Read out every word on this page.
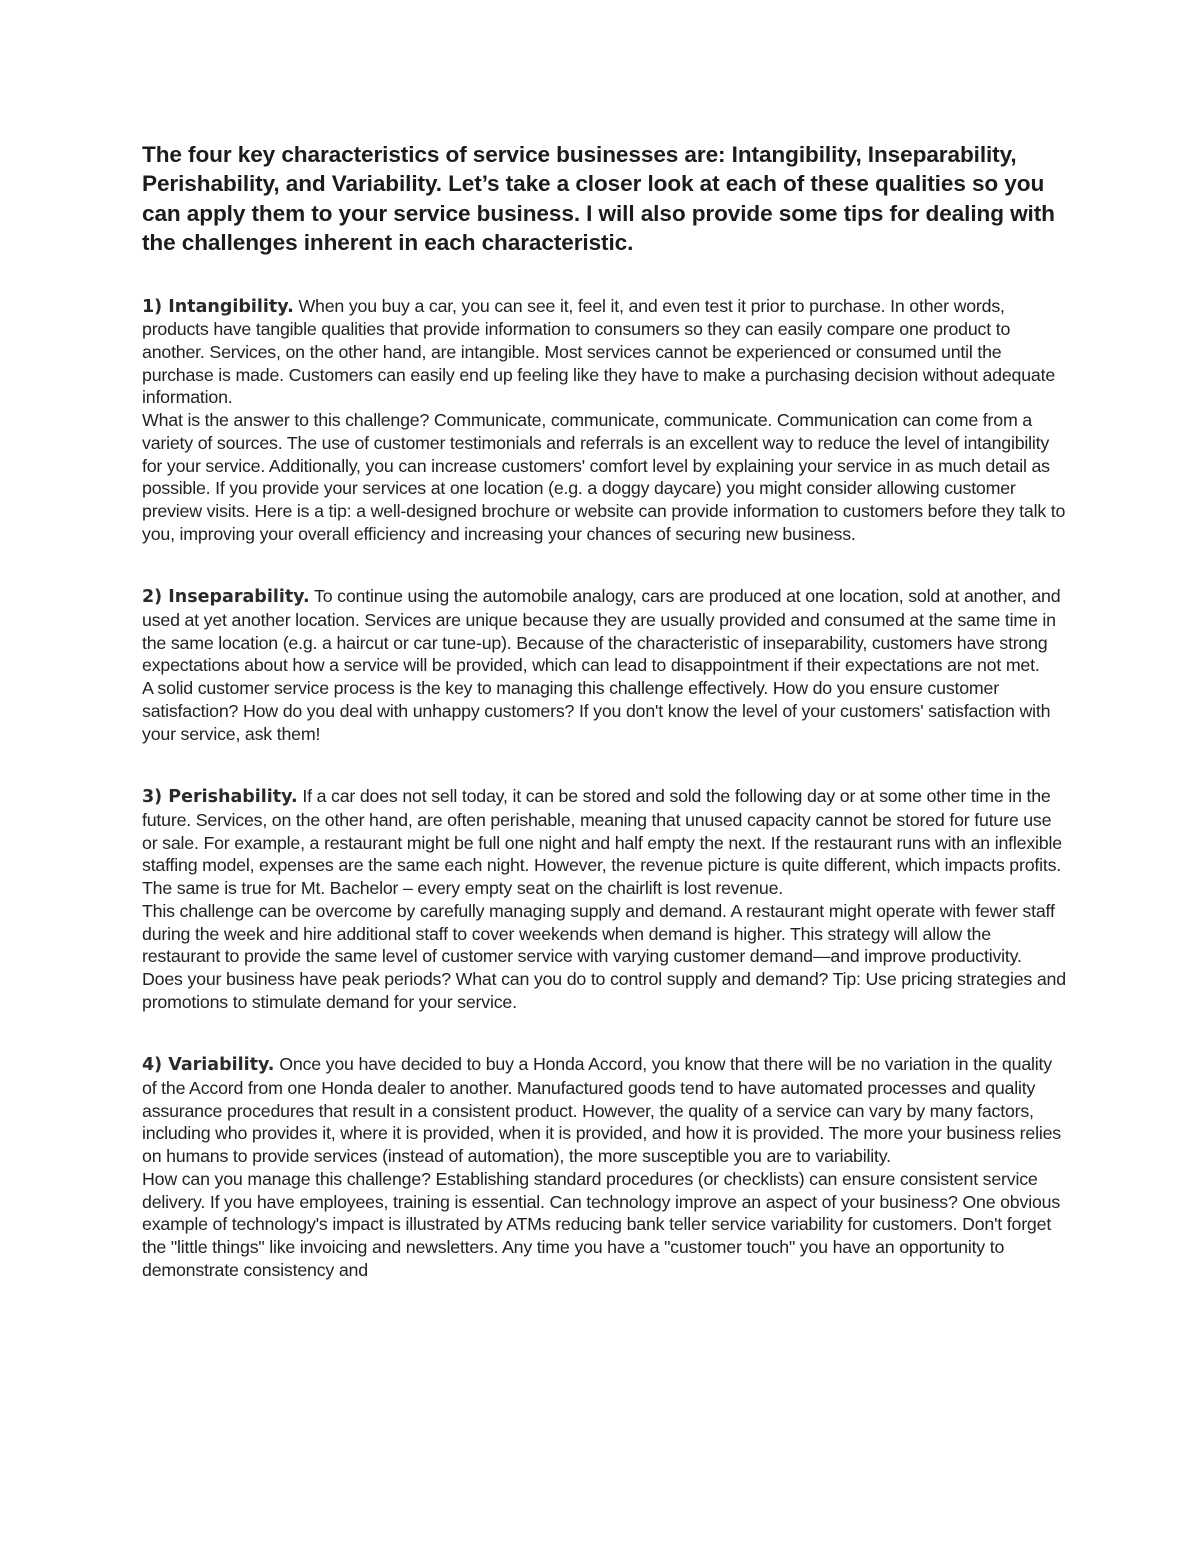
The four key characteristics of service businesses are: Intangibility, Inseparability, Perishability, and Variability. Let’s take a closer look at each of these qualities so you can apply them to your service business. I will also provide some tips for dealing with the challenges inherent in each characteristic.

1) Intangibility. When you buy a car, you can see it, feel it, and even test it prior to purchase. In other words, products have tangible qualities that provide information to consumers so they can easily compare one product to another. Services, on the other hand, are intangible. Most services cannot be experienced or consumed until the purchase is made. Customers can easily end up feeling like they have to make a purchasing decision without adequate information.

What is the answer to this challenge? Communicate, communicate, communicate. Communication can come from a variety of sources. The use of customer testimonials and referrals is an excellent way to reduce the level of intangibility for your service. Additionally, you can increase customers' comfort level by explaining your service in as much detail as possible. If you provide your services at one location (e.g. a doggy daycare) you might consider allowing customer preview visits. Here is a tip: a well-designed brochure or website can provide information to customers before they talk to you, improving your overall efficiency and increasing your chances of securing new business.

2) Inseparability. To continue using the automobile analogy, cars are produced at one location, sold at another, and used at yet another location. Services are unique because they are usually provided and consumed at the same time in the same location (e.g. a haircut or car tune-up). Because of the characteristic of inseparability, customers have strong expectations about how a service will be provided, which can lead to disappointment if their expectations are not met.

A solid customer service process is the key to managing this challenge effectively. How do you ensure customer satisfaction? How do you deal with unhappy customers? If you don't know the level of your customers' satisfaction with your service, ask them!

3) Perishability. If a car does not sell today, it can be stored and sold the following day or at some other time in the future. Services, on the other hand, are often perishable, meaning that unused capacity cannot be stored for future use or sale. For example, a restaurant might be full one night and half empty the next. If the restaurant runs with an inflexible staffing model, expenses are the same each night. However, the revenue picture is quite different, which impacts profits. The same is true for Mt. Bachelor – every empty seat on the chairlift is lost revenue.

This challenge can be overcome by carefully managing supply and demand. A restaurant might operate with fewer staff during the week and hire additional staff to cover weekends when demand is higher. This strategy will allow the restaurant to provide the same level of customer service with varying customer demand—and improve productivity. Does your business have peak periods? What can you do to control supply and demand? Tip: Use pricing strategies and promotions to stimulate demand for your service.

4) Variability. Once you have decided to buy a Honda Accord, you know that there will be no variation in the quality of the Accord from one Honda dealer to another. Manufactured goods tend to have automated processes and quality assurance procedures that result in a consistent product. However, the quality of a service can vary by many factors, including who provides it, where it is provided, when it is provided, and how it is provided. The more your business relies on humans to provide services (instead of automation), the more susceptible you are to variability.

How can you manage this challenge? Establishing standard procedures (or checklists) can ensure consistent service delivery. If you have employees, training is essential. Can technology improve an aspect of your business? One obvious example of technology's impact is illustrated by ATMs reducing bank teller service variability for customers. Don't forget the "little things" like invoicing and newsletters. Any time you have a "customer touch" you have an opportunity to demonstrate consistency and
